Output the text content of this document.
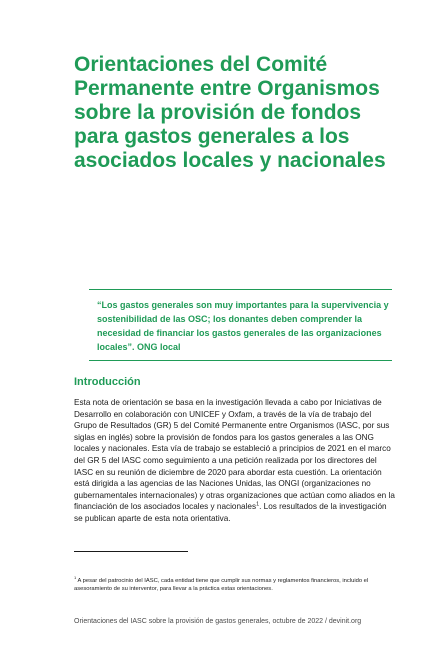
Orientaciones del Comité Permanente entre Organismos sobre la provisión de fondos para gastos generales a los asociados locales y nacionales

“Los gastos generales son muy importantes para la supervivencia y sostenibilidad de las OSC; los donantes deben comprender la necesidad de financiar los gastos generales de las organizaciones locales”. ONG local

Introducción

Esta nota de orientación se basa en la investigación llevada a cabo por Iniciativas de Desarrollo en colaboración con UNICEF y Oxfam, a través de la vía de trabajo del Grupo de Resultados (GR) 5 del Comité Permanente entre Organismos (IASC, por sus siglas en inglés) sobre la provisión de fondos para los gastos generales a las ONG locales y nacionales. Esta vía de trabajo se estableció a principios de 2021 en el marco del GR 5 del IASC como seguimiento a una petición realizada por los directores del IASC en su reunión de diciembre de 2020 para abordar esta cuestión. La orientación está dirigida a las agencias de las Naciones Unidas, las ONGI (organizaciones no gubernamentales internacionales) y otras organizaciones que actúan como aliados en la financiación de los asociados locales y nacionales$^1$. Los resultados de la investigación se publican aparte de esta nota orientativa.

$^1$ A pesar del patrocinio del IASC, cada entidad tiene que cumplir sus normas y reglamentos financieros, incluido el asesoramiento de su interventor, para llevar a la práctica estas orientaciones.

Orientaciones del IASC sobre la provisión de gastos generales, octubre de 2022 / devinit.org
